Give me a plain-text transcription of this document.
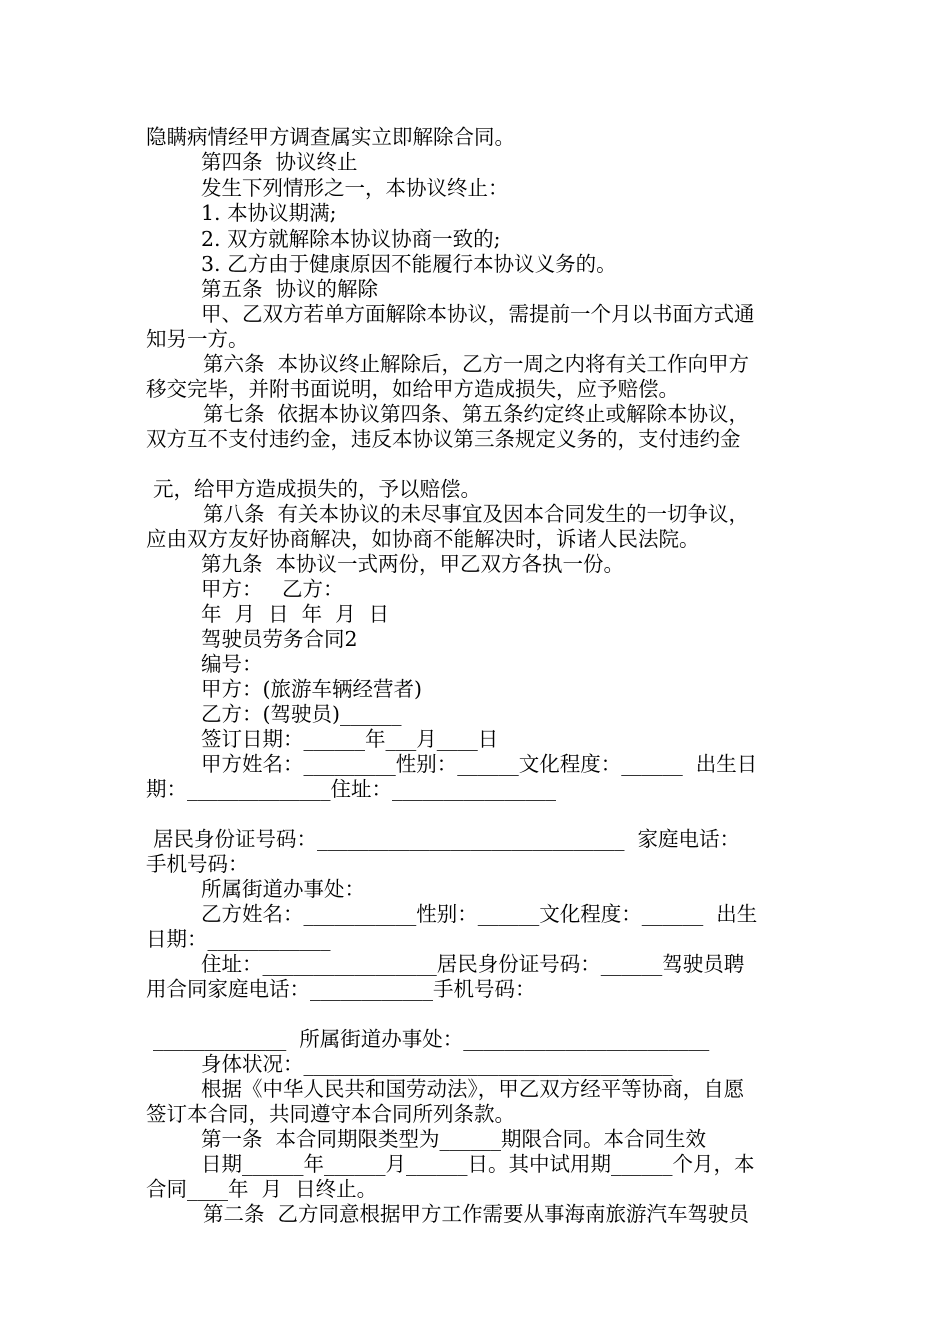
隐瞒病情经甲方调查属实立即解除合同。
第四条  协议终止
发生下列情形之一，本协议终止：
1. 本协议期满;
2. 双方就解除本协议协商一致的;
3. 乙方由于健康原因不能履行本协议义务的。
第五条  协议的解除
甲、乙双方若单方面解除本协议，需提前一个月以书面方式通
知另一方。
第六条  本协议终止解除后，乙方一周之内将有关工作向甲方
移交完毕，并附书面说明，如给甲方造成损失，应予赔偿。
第七条  依据本协议第四条、第五条约定终止或解除本协议，
双方互不支付违约金，违反本协议第三条规定义务的，支付违约金
元，给甲方造成损失的，予以赔偿。
第八条  有关本协议的未尽事宜及因本合同发生的一切争议，
应由双方友好协商解决，如协商不能解决时，诉诸人民法院。
第九条  本协议一式两份，甲乙双方各执一份。
甲方：   乙方：
年  月  日  年  月  日
驾驶员劳务合同2
编号：
甲方：(旅游车辆经营者)
乙方：(驾驶员)______
签订日期：______年___月____日
甲方姓名：_________性别：______文化程度：______  出生日
期：______________住址：________________
居民身份证号码：______________________________  家庭电话：
手机号码：
所属街道办事处：
乙方姓名：___________性别：______文化程度：______  出生
日期：____________
住址：_________________居民身份证号码：______驾驶员聘
用合同家庭电话：____________手机号码：
_____________  所属街道办事处：________________________
身体状况：____________________________________
根据《中华人民共和国劳动法》，甲乙双方经平等协商，自愿
签订本合同，共同遵守本合同所列条款。
第一条  本合同期限类型为______期限合同。本合同生效
日期______年______月______日。其中试用期______个月，本
合同____年  月  日终止。
第二条  乙方同意根据甲方工作需要从事海南旅游汽车驾驶员
